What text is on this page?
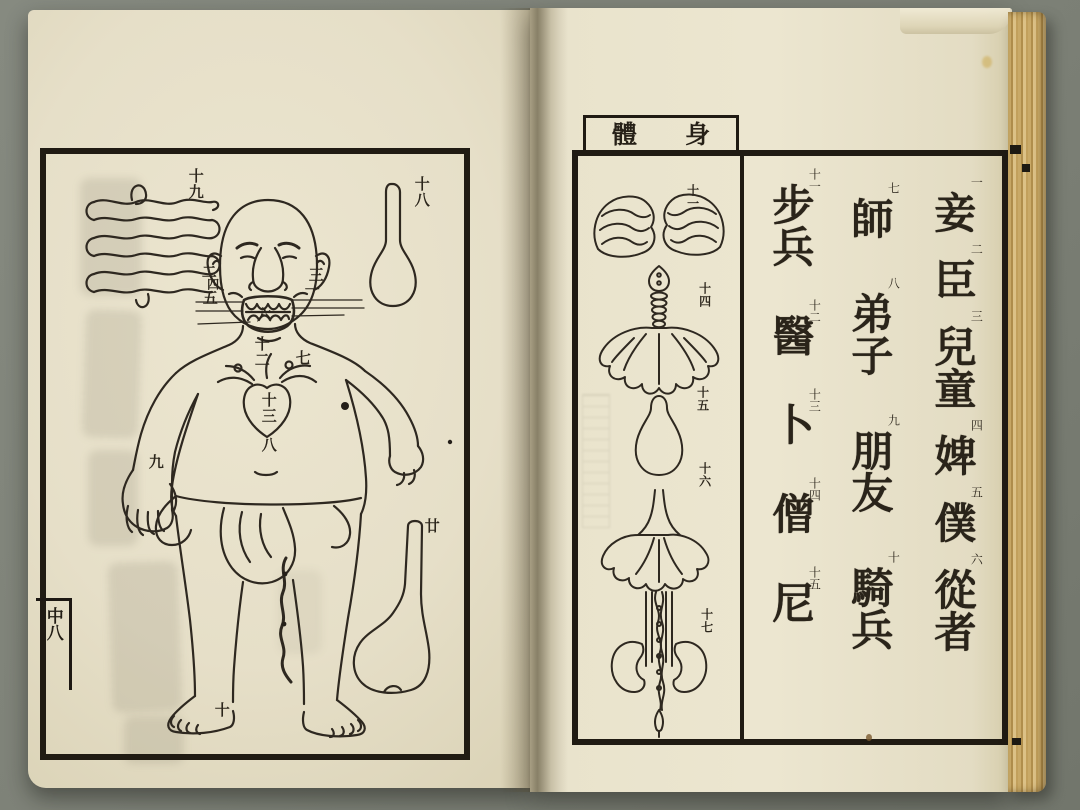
十九	十八
廿
三
一
二
四
五
六
七
十二
十三
八
九
十
中八
體 身
十一
十四
十五
十六
十七
一
妾
二
臣
三
兒童
四
婢
五
僕
六
從者
七
師
八
弟子
九
朋友
十
騎兵
十一
步兵
十二
醫
十三
卜
十四
僧
十五
尼
